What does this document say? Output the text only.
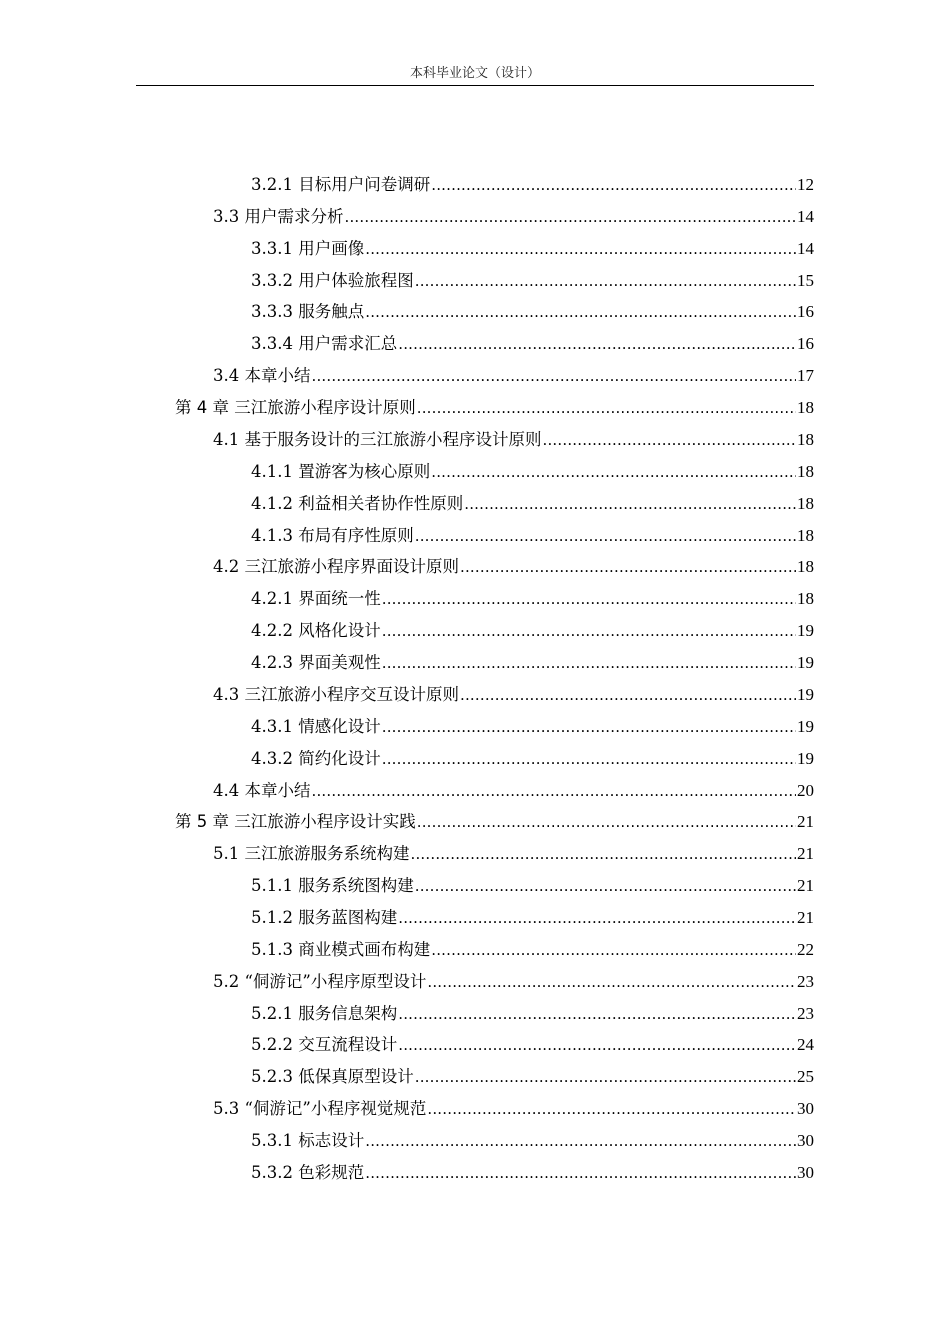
本科毕业论文（设计）
3.2.1 目标用户问卷调研 .....	12
3.3 用户需求分析 .....	14
3.3.1 用户画像 .....	14
3.3.2 用户体验旅程图 .....	15
3.3.3 服务触点 .....	16
3.3.4 用户需求汇总 .....	16
3.4 本章小结 .....	17
第 4 章 三江旅游小程序设计原则 .....	18
4.1 基于服务设计的三江旅游小程序设计原则 .....	18
4.1.1 置游客为核心原则 .....	18
4.1.2 利益相关者协作性原则 .....	18
4.1.3 布局有序性原则 .....	18
4.2 三江旅游小程序界面设计原则 .....	18
4.2.1 界面统一性 .....	18
4.2.2 风格化设计 .....	19
4.2.3 界面美观性 .....	19
4.3 三江旅游小程序交互设计原则 .....	19
4.3.1 情感化设计 .....	19
4.3.2 简约化设计 .....	19
4.4 本章小结 .....	20
第 5 章 三江旅游小程序设计实践 .....	21
5.1 三江旅游服务系统构建 .....	21
5.1.1 服务系统图构建 .....	21
5.1.2 服务蓝图构建 .....	21
5.1.3 商业模式画布构建 .....	22
5.2 “侗游记”小程序原型设计 .....	23
5.2.1 服务信息架构 .....	23
5.2.2 交互流程设计 .....	24
5.2.3 低保真原型设计 .....	25
5.3 “侗游记”小程序视觉规范 .....	30
5.3.1 标志设计 .....	30
5.3.2 色彩规范 .....	30
